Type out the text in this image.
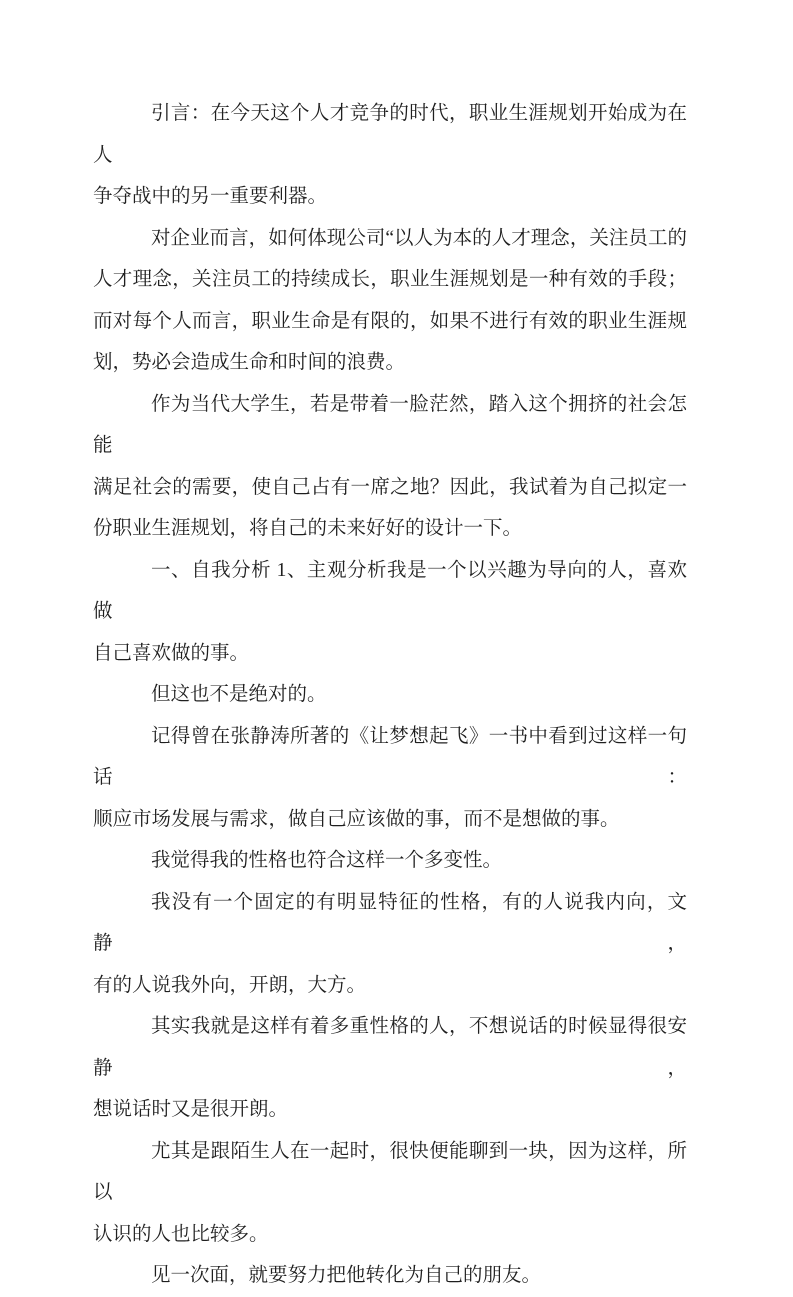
引言：在今天这个人才竞争的时代，职业生涯规划开始成为在人
争夺战中的另一重要利器。
对企业而言，如何体现公司“以人为本的人才理念，关注员工的
人才理念，关注员工的持续成长，职业生涯规划是一种有效的手段；
而对每个人而言，职业生命是有限的，如果不进行有效的职业生涯规
划，势必会造成生命和时间的浪费。
作为当代大学生，若是带着一脸茫然，踏入这个拥挤的社会怎能
满足社会的需要，使自己占有一席之地？因此，我试着为自己拟定一
份职业生涯规划，将自己的未来好好的设计一下。
一、自我分析 1、主观分析我是一个以兴趣为导向的人，喜欢做
自己喜欢做的事。
但这也不是绝对的。
记得曾在张静涛所著的《让梦想起飞》一书中看到过这样一句话：
顺应市场发展与需求，做自己应该做的事，而不是想做的事。
我觉得我的性格也符合这样一个多变性。
我没有一个固定的有明显特征的性格，有的人说我内向，文静，
有的人说我外向，开朗，大方。
其实我就是这样有着多重性格的人，不想说话的时候显得很安静，
想说话时又是很开朗。
尤其是跟陌生人在一起时，很快便能聊到一块，因为这样，所以
认识的人也比较多。
见一次面，就要努力把他转化为自己的朋友。
